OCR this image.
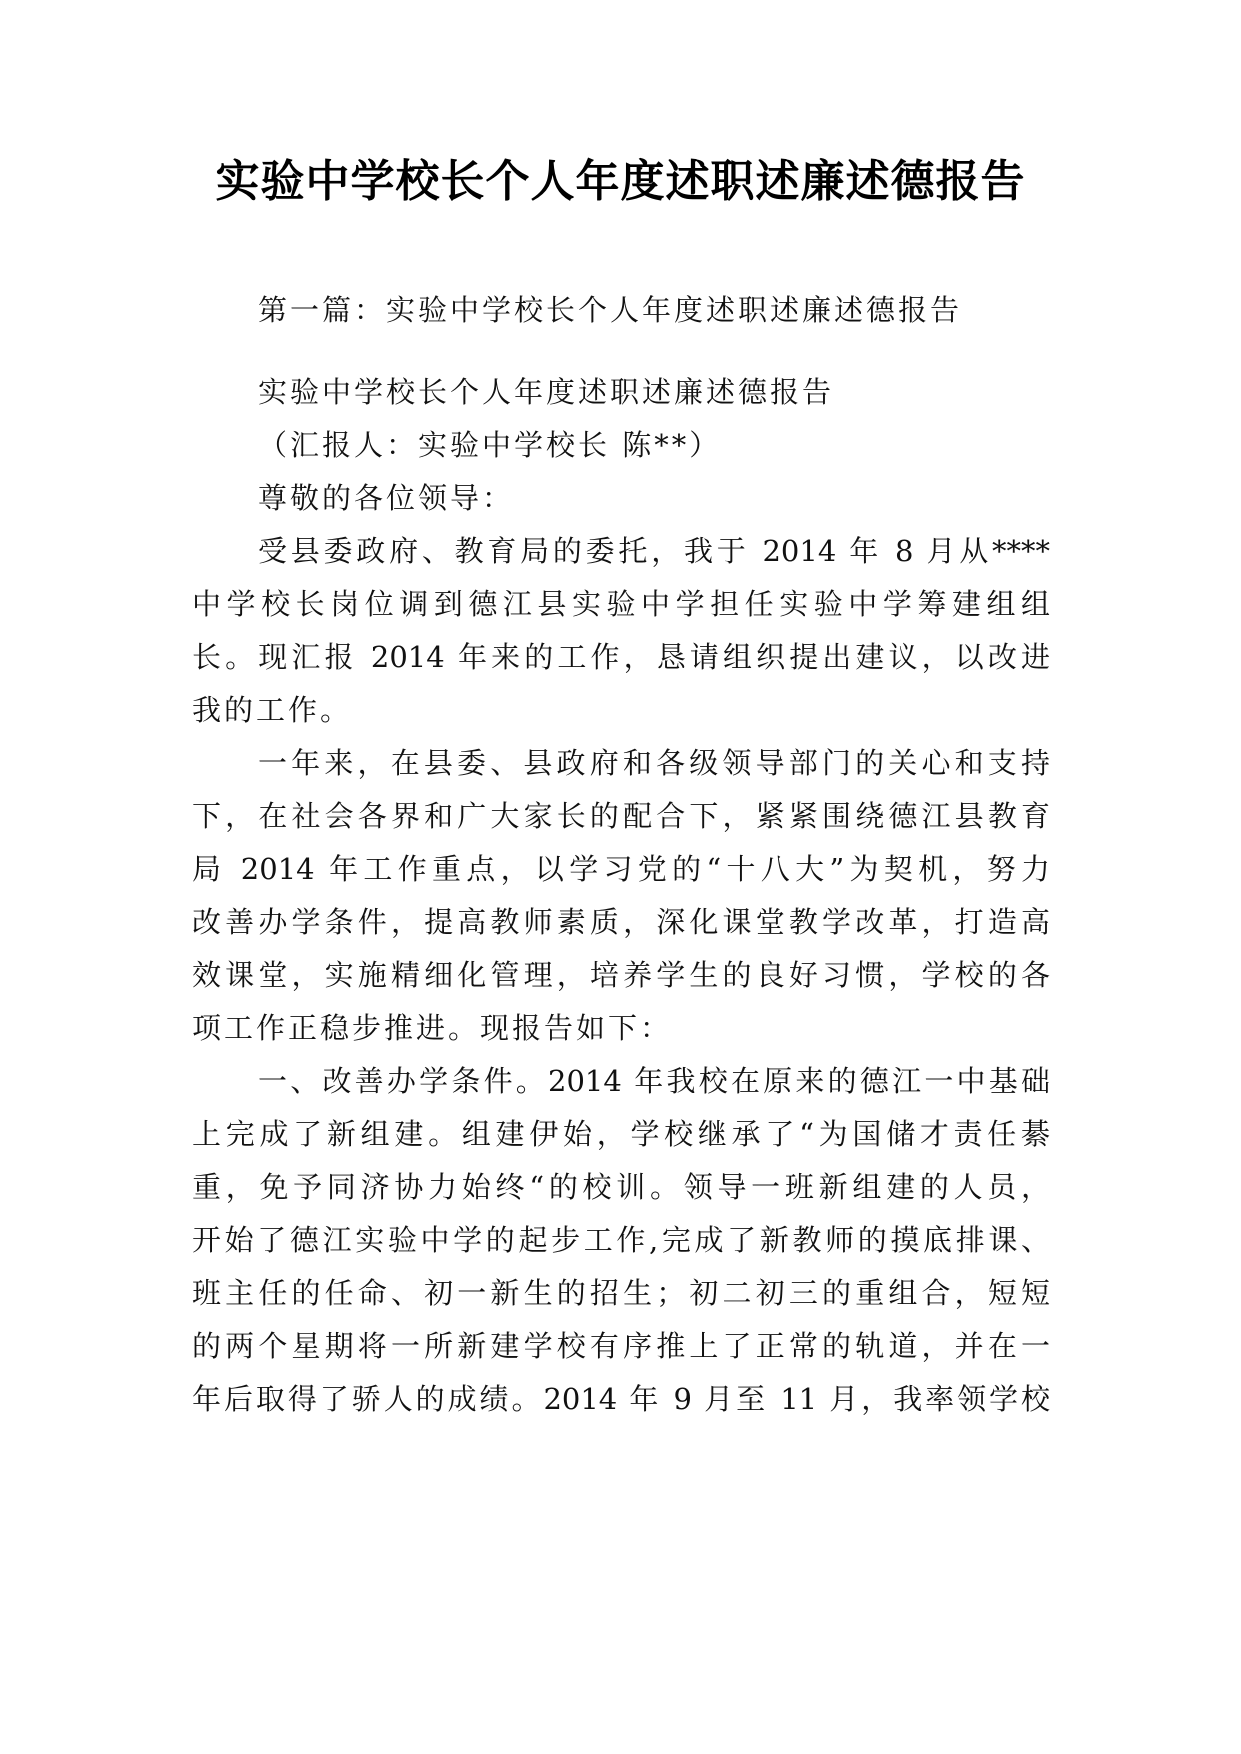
实验中学校长个人年度述职述廉述德报告

第一篇：实验中学校长个人年度述职述廉述德报告

实验中学校长个人年度述职述廉述德报告

（汇报人：实验中学校长 陈**）

尊敬的各位领导：

受县委政府、教育局的委托，我于 2014 年 8 月从****

中学校长岗位调到德江县实验中学担任实验中学筹建组组

长。现汇报 2014 年来的工作，恳请组织提出建议，以改进

我的工作。

一年来，在县委、县政府和各级领导部门的关心和支持

下，在社会各界和广大家长的配合下，紧紧围绕德江县教育

局 2014 年工作重点，以学习党的“十八大”为契机，努力

改善办学条件，提高教师素质，深化课堂教学改革，打造高

效课堂，实施精细化管理，培养学生的良好习惯，学校的各

项工作正稳步推进。现报告如下：

一、改善办学条件。2014 年我校在原来的德江一中基础

上完成了新组建。组建伊始，学校继承了“为国储才责任綦

重，免予同济协力始终“的校训。领导一班新组建的人员，

开始了德江实验中学的起步工作,完成了新教师的摸底排课、

班主任的任命、初一新生的招生；初二初三的重组合，短短

的两个星期将一所新建学校有序推上了正常的轨道，并在一

年后取得了骄人的成绩。2014 年 9 月至 11 月，我率领学校
